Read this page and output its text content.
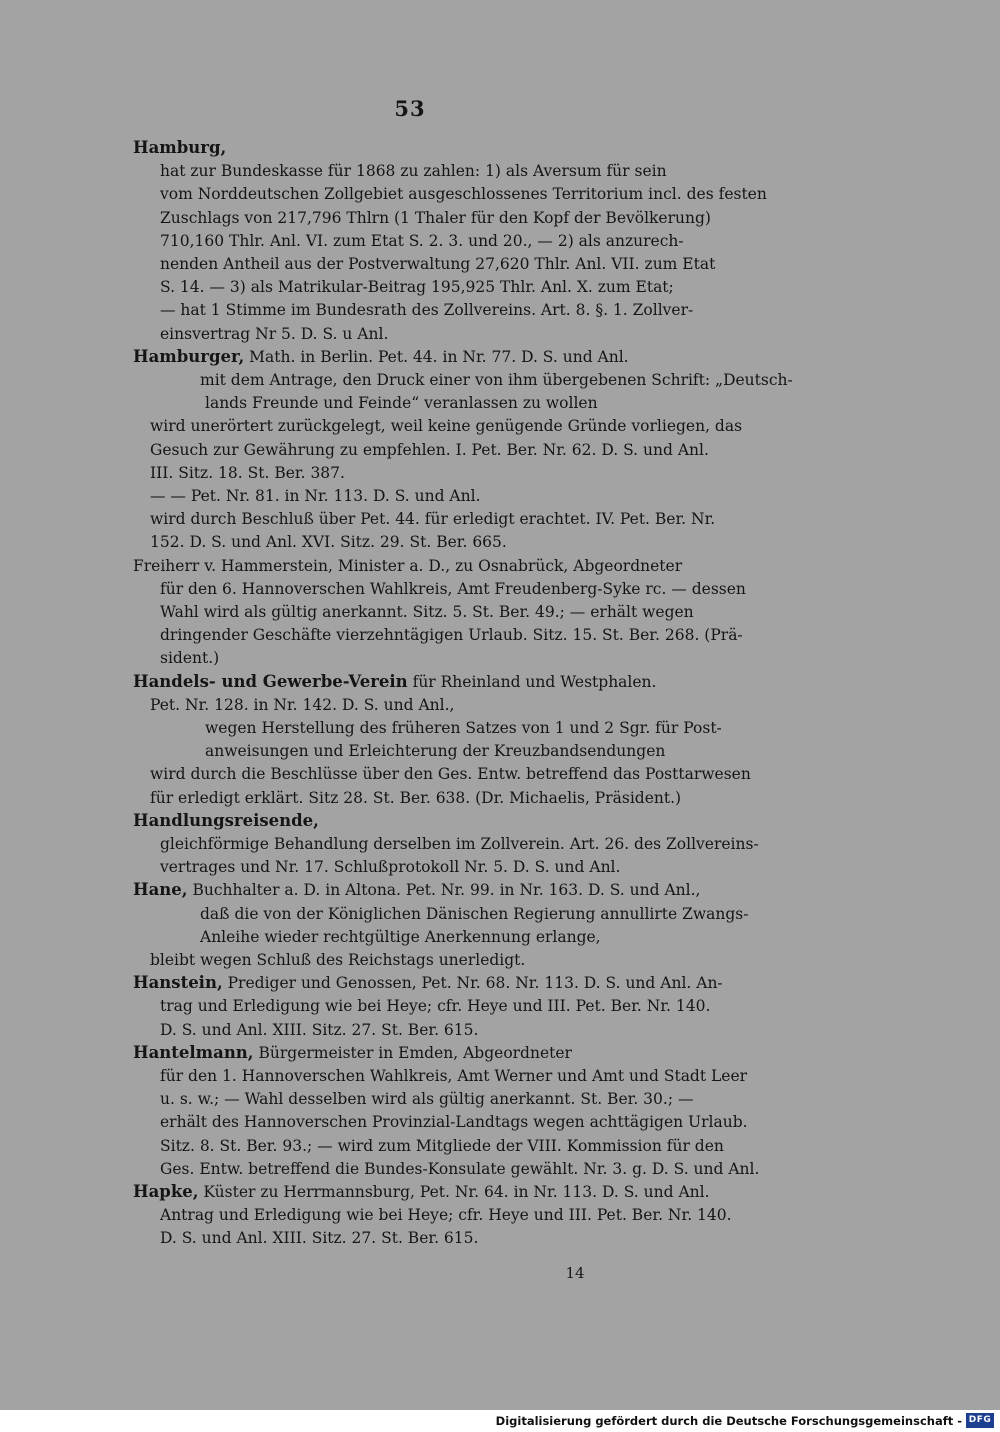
53
Hamburg,
hat zur Bundeskasse für 1868 zu zahlen: 1) als Aversum für sein
vom Norddeutschen Zollgebiet ausgeschlossenes Territorium incl. des festen
Zuschlags von 217,796 Thlrn (1 Thaler für den Kopf der Bevölkerung)
710,160 Thlr. Anl. VI. zum Etat S. 2. 3. und 20., — 2) als anzurech-
nenden Antheil aus der Postverwaltung 27,620 Thlr. Anl. VII. zum Etat
S. 14. — 3) als Matrikular-Beitrag 195,925 Thlr. Anl. X. zum Etat;
— hat 1 Stimme im Bundesrath des Zollvereins. Art. 8. §. 1. Zollver-
einsvertrag Nr 5. D. S. u Anl.
Hamburger, Math. in Berlin. Pet. 44. in Nr. 77. D. S. und Anl.
mit dem Antrage, den Druck einer von ihm übergebenen Schrift: „Deutsch-
lands Freunde und Feinde“ veranlassen zu wollen
wird unerörtert zurückgelegt, weil keine genügende Gründe vorliegen, das
Gesuch zur Gewährung zu empfehlen. I. Pet. Ber. Nr. 62. D. S. und Anl.
III. Sitz. 18. St. Ber. 387.
— — Pet. Nr. 81. in Nr. 113. D. S. und Anl.
wird durch Beschluß über Pet. 44. für erledigt erachtet. IV. Pet. Ber. Nr.
152. D. S. und Anl. XVI. Sitz. 29. St. Ber. 665.
Freiherr v. Hammerstein, Minister a. D., zu Osnabrück, Abgeordneter
für den 6. Hannoverschen Wahlkreis, Amt Freudenberg-Syke rc. — dessen
Wahl wird als gültig anerkannt. Sitz. 5. St. Ber. 49.; — erhält wegen
dringender Geschäfte vierzehntägigen Urlaub. Sitz. 15. St. Ber. 268. (Prä-
sident.)
Handels- und Gewerbe-Verein für Rheinland und Westphalen.
Pet. Nr. 128. in Nr. 142. D. S. und Anl.,
wegen Herstellung des früheren Satzes von 1 und 2 Sgr. für Post-
anweisungen und Erleichterung der Kreuzbandsendungen
wird durch die Beschlüsse über den Ges. Entw. betreffend das Posttarwesen
für erledigt erklärt. Sitz 28. St. Ber. 638. (Dr. Michaelis, Präsident.)
Handlungsreisende,
gleichförmige Behandlung derselben im Zollverein. Art. 26. des Zollvereins-
vertrages und Nr. 17. Schlußprotokoll Nr. 5. D. S. und Anl.
Hane, Buchhalter a. D. in Altona. Pet. Nr. 99. in Nr. 163. D. S. und Anl.,
daß die von der Königlichen Dänischen Regierung annullirte Zwangs-
Anleihe wieder rechtgültige Anerkennung erlange,
bleibt wegen Schluß des Reichstags unerledigt.
Hanstein, Prediger und Genossen, Pet. Nr. 68. Nr. 113. D. S. und Anl. An-
trag und Erledigung wie bei Heye; cfr. Heye und III. Pet. Ber. Nr. 140.
D. S. und Anl. XIII. Sitz. 27. St. Ber. 615.
Hantelmann, Bürgermeister in Emden, Abgeordneter
für den 1. Hannoverschen Wahlkreis, Amt Werner und Amt und Stadt Leer
u. s. w.; — Wahl desselben wird als gültig anerkannt. St. Ber. 30.; —
erhält des Hannoverschen Provinzial-Landtags wegen achttägigen Urlaub.
Sitz. 8. St. Ber. 93.; — wird zum Mitgliede der VIII. Kommission für den
Ges. Entw. betreffend die Bundes-Konsulate gewählt. Nr. 3. g. D. S. und Anl.
Hapke, Küster zu Herrmannsburg, Pet. Nr. 64. in Nr. 113. D. S. und Anl.
Antrag und Erledigung wie bei Heye; cfr. Heye und III. Pet. Ber. Nr. 140.
D. S. und Anl. XIII. Sitz. 27. St. Ber. 615.
14
Digitalisierung gefördert durch die Deutsche Forschungsgemeinschaft - DFG
